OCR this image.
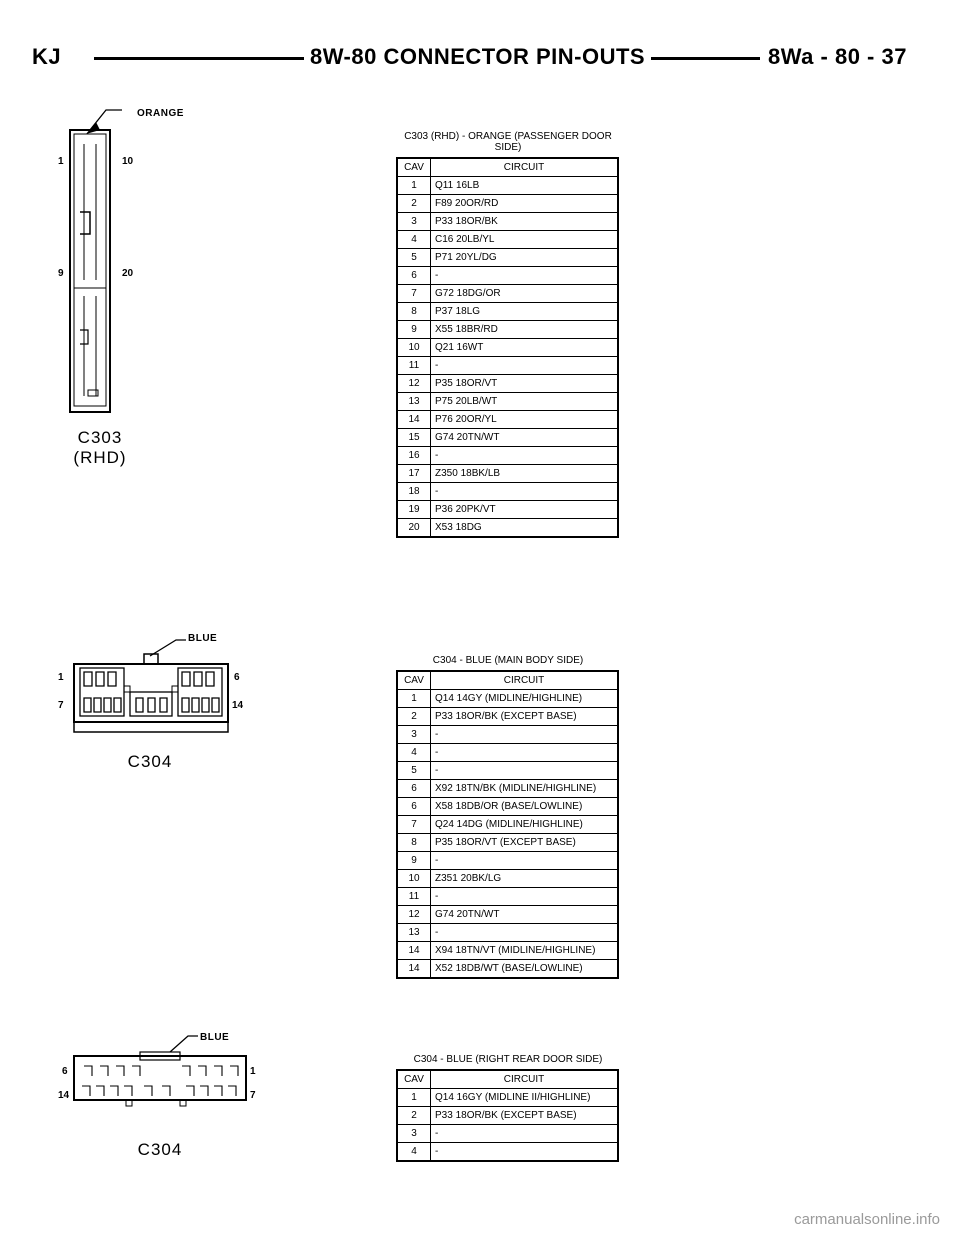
KJ	8W-80 CONNECTOR PIN-OUTS	8Wa - 80 - 37
ORANGE
1	10
9	20
C303
(RHD)
C303 (RHD) - ORANGE (PASSENGER DOOR
SIDE)
CAV	CIRCUIT
1	Q11 16LB
2	F89 20OR/RD
3	P33 18OR/BK
4	C16 20LB/YL
5	P71 20YL/DG
6	-
7	G72 18DG/OR
8	P37 18LG
9	X55 18BR/RD
10	Q21 16WT
11	-
12	P35 18OR/VT
13	P75 20LB/WT
14	P76 20OR/YL
15	G74 20TN/WT
16	-
17	Z350 18BK/LB
18	-
19	P36 20PK/VT
20	X53 18DG
BLUE
1	6
7	14
C304
C304 - BLUE (MAIN BODY SIDE)
CAV	CIRCUIT
1	Q14 14GY (MIDLINE/HIGHLINE)
2	P33 18OR/BK (EXCEPT BASE)
3	-
4	-
5	-
6	X92 18TN/BK (MIDLINE/HIGHLINE)
6	X58 18DB/OR (BASE/LOWLINE)
7	Q24 14DG (MIDLINE/HIGHLINE)
8	P35 18OR/VT (EXCEPT BASE)
9	-
10	Z351 20BK/LG
11	-
12	G74 20TN/WT
13	-
14	X94 18TN/VT (MIDLINE/HIGHLINE)
14	X52 18DB/WT (BASE/LOWLINE)
BLUE
6	1
14	7
C304
C304 - BLUE (RIGHT REAR DOOR SIDE)
CAV	CIRCUIT
1	Q14 16GY (MIDLINE II/HIGHLINE)
2	P33 18OR/BK (EXCEPT BASE)
3	-
4	-
carmanualsonline.info
